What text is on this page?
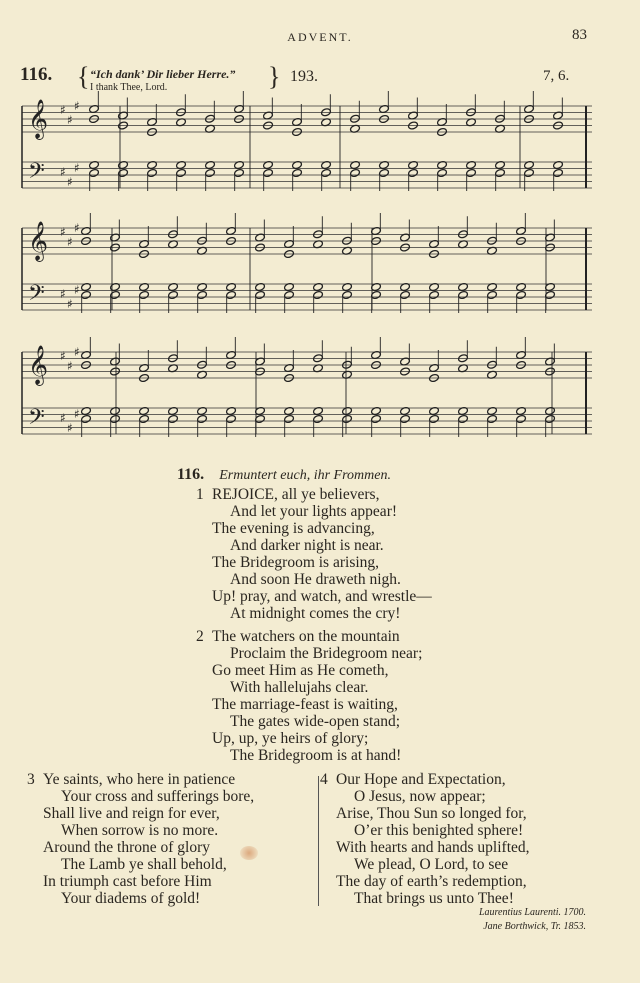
ADVENT.	83
116. { “Ich dank’ Dir lieber Herre.”
I thank Thee, Lord.	} 193.	7, 6.
𝄞 ♯
♯
♯
𝄢 ♯
♯
♯
𝄞 ♯
♯
♯
𝄢 ♯
♯
♯
𝄞 ♯
♯
♯
𝄢 ♯
♯
♯
116. Ermuntert euch, ihr Frommen.
1 REJOICE, all ye believers,
And let your lights appear!
The evening is advancing,
And darker night is near.
The Bridegroom is arising,
And soon He draweth nigh.
Up! pray, and watch, and wrestle—
At midnight comes the cry!
2 The watchers on the mountain
Proclaim the Bridegroom near;
Go meet Him as He cometh,
With hallelujahs clear.
The marriage-feast is waiting,
The gates wide-open stand;
Up, up, ye heirs of glory;
The Bridegroom is at hand!
3 Ye saints, who here in patience
Your cross and sufferings bore,
Shall live and reign for ever,
When sorrow is no more.
Around the throne of glory
The Lamb ye shall behold,
In triumph cast before Him
Your diadems of gold!
4 Our Hope and Expectation,
O Jesus, now appear;
Arise, Thou Sun so longed for,
O’er this benighted sphere!
With hearts and hands uplifted,
We plead, O Lord, to see
The day of earth’s redemption,
That brings us unto Thee!
Laurentius Laurenti. 1700.
Jane Borthwick, Tr. 1853.
